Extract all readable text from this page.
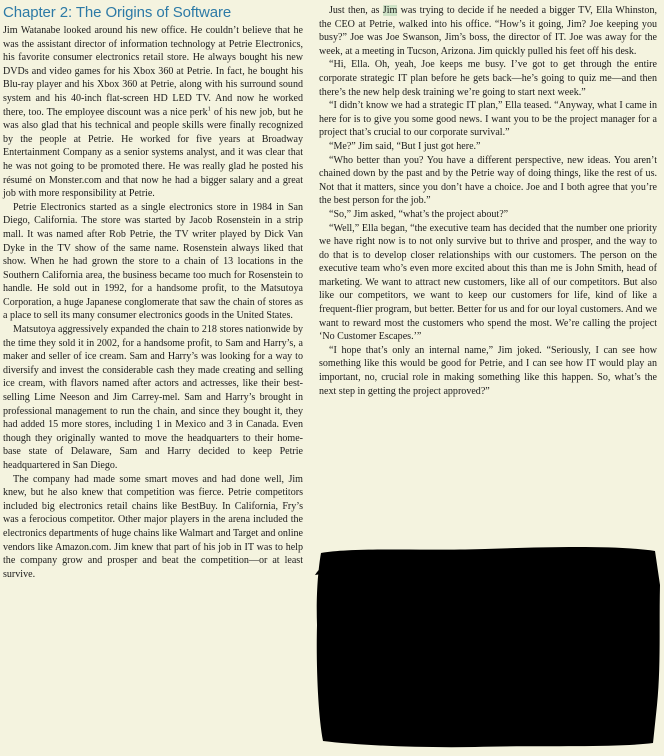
Chapter 2: The Origins of Software

Jim Watanabe looked around his new office. He couldn’t believe that he was the assistant director of information technology at Petrie Electronics, his favorite consumer electronics retail store. He always bought his new DVDs and video games for his Xbox 360 at Petrie. In fact, he bought his Blu-ray player and his Xbox 360 at Petrie, along with his surround sound system and his 40-inch flat-screen HD LED TV. And now he worked there, too. The employee discount was a nice perk$^1$ of his new job, but he was also glad that his technical and people skills were finally recognized by the people at Petrie. He worked for five years at Broadway Entertainment Company as a senior systems analyst, and it was clear that he was not going to be promoted there. He was really glad he posted his résumé on Monster.com and that now he had a bigger salary and a great job with more responsibility at Petrie.

Petrie Electronics started as a single electronics store in 1984 in San Diego, California. The store was started by Jacob Rosenstein in a strip mall. It was named after Rob Petrie, the TV writer played by Dick Van Dyke in the TV show of the same name. Rosenstein always liked that show. When he had grown the store to a chain of 13 locations in the Southern California area, the business became too much for Rosenstein to handle. He sold out in 1992, for a handsome profit, to the Matsutoya Corporation, a huge Japanese conglomerate that saw the chain of stores as a place to sell its many consumer electronics goods in the United States.

Matsutoya aggressively expanded the chain to 218 stores nationwide by the time they sold it in 2002, for a handsome profit, to Sam and Harry’s, a maker and seller of ice cream. Sam and Harry’s was looking for a way to diversify and invest the considerable cash they made creating and selling ice cream, with flavors named after actors and actresses, like their best-selling Lime Neeson and Jim Carrey-mel. Sam and Harry’s brought in professional management to run the chain, and since they bought it, they had added 15 more stores, including 1 in Mexico and 3 in Canada. Even though they originally wanted to move the headquarters to their home-base state of Delaware, Sam and Harry decided to keep Petrie headquartered in San Diego.

The company had made some smart moves and had done well, Jim knew, but he also knew that competition was fierce. Petrie competitors included big electronics retail chains like BestBuy. In California, Fry’s was a ferocious competitor. Other major players in the arena included the electronics departments of huge chains like Walmart and Target and online vendors like Amazon.com. Jim knew that part of his job in IT was to help the company grow and prosper and beat the competition—or at least survive.

Just then, as Jim was trying to decide if he needed a bigger TV, Ella Whinston, the CEO at Petrie, walked into his office. “How’s it going, Jim? Joe keeping you busy?” Joe was Joe Swanson, Jim’s boss, the director of IT. Joe was away for the week, at a meeting in Tucson, Arizona. Jim quickly pulled his feet off his desk.

“Hi, Ella. Oh, yeah, Joe keeps me busy. I’ve got to get through the entire corporate strategic IT plan before he gets back—he’s going to quiz me—and then there’s the new help desk training we’re going to start next week.”

“I didn’t know we had a strategic IT plan,” Ella teased. “Anyway, what I came in here for is to give you some good news. I want you to be the project manager for a project that’s crucial to our corporate survival.”

“Me?” Jim said, “But I just got here.”

“Who better than you? You have a different perspective, new ideas. You aren’t chained down by the past and by the Petrie way of doing things, like the rest of us. Not that it matters, since you don’t have a choice. Joe and I both agree that you’re the best person for the job.”

“So,” Jim asked, “what’s the project about?”

“Well,” Ella began, “the executive team has decided that the number one priority we have right now is to not only survive but to thrive and prosper, and the way to do that is to develop closer relationships with our customers. The person on the executive team who’s even more excited about this than me is John Smith, head of marketing. We want to attract new customers, like all of our competitors. But also like our competitors, we want to keep our customers for life, kind of like a frequent-flier program, but better. Better for us and for our loyal customers. And we want to reward most the customers who spend the most. We’re calling the project ‘No Customer Escapes.’”

“I hope that’s only an internal name,” Jim joked. “Seriously, I can see how something like this would be good for Petrie, and I can see how IT would play an important, no, crucial role in making something like this happen. So, what’s the next step in getting the project approved?”
